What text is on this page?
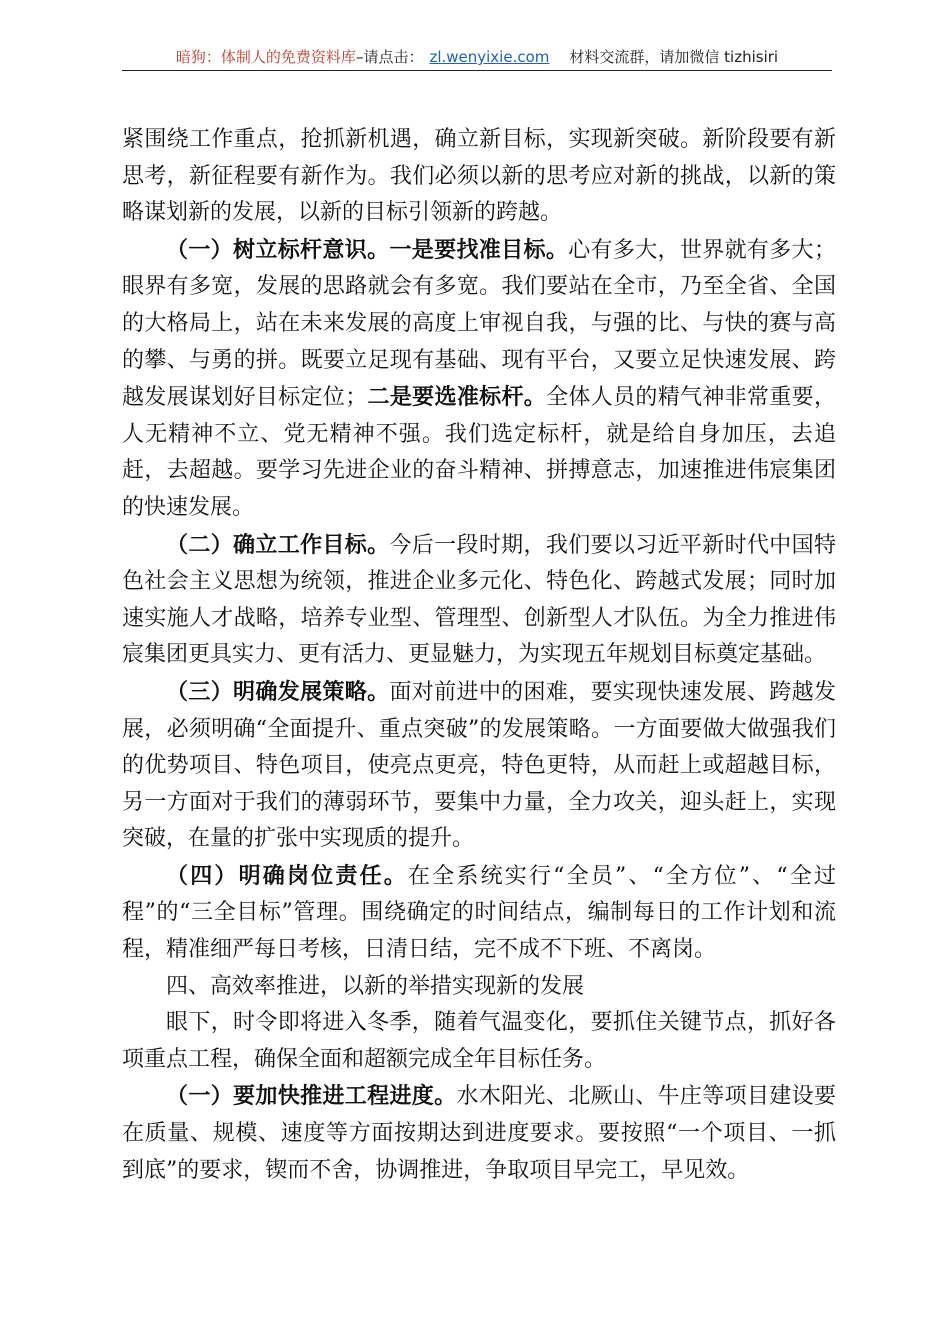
暗狗：体制人的免费资料库–请点击： zl.wenyixie.com 材料交流群，请加微信 tizhisiri

紧围绕工作重点，抢抓新机遇，确立新目标，实现新突破。新阶段要有新思考，新征程要有新作为。我们必须以新的思考应对新的挑战，以新的策略谋划新的发展，以新的目标引领新的跨越。

（一）树立标杆意识。一是要找准目标。心有多大，世界就有多大；眼界有多宽，发展的思路就会有多宽。我们要站在全市，乃至全省、全国的大格局上，站在未来发展的高度上审视自我，与强的比、与快的赛与高的攀、与勇的拼。既要立足现有基础、现有平台，又要立足快速发展、跨越发展谋划好目标定位；二是要选准标杆。全体人员的精气神非常重要，人无精神不立、党无精神不强。我们选定标杆，就是给自身加压，去追赶，去超越。要学习先进企业的奋斗精神、拼搏意志，加速推进伟宸集团的快速发展。

（二）确立工作目标。今后一段时期，我们要以习近平新时代中国特色社会主义思想为统领，推进企业多元化、特色化、跨越式发展；同时加速实施人才战略，培养专业型、管理型、创新型人才队伍。为全力推进伟宸集团更具实力、更有活力、更显魅力，为实现五年规划目标奠定基础。

（三）明确发展策略。面对前进中的困难，要实现快速发展、跨越发展，必须明确“全面提升、重点突破”的发展策略。一方面要做大做强我们的优势项目、特色项目，使亮点更亮，特色更特，从而赶上或超越目标，另一方面对于我们的薄弱环节，要集中力量，全力攻关，迎头赶上，实现突破，在量的扩张中实现质的提升。

（四）明确岗位责任。在全系统实行“全员”、“全方位”、“全过程”的“三全目标”管理。围绕确定的时间结点，编制每日的工作计划和流程，精准细严每日考核，日清日结，完不成不下班、不离岗。

四、高效率推进，以新的举措实现新的发展

眼下，时令即将进入冬季，随着气温变化，要抓住关键节点，抓好各项重点工程，确保全面和超额完成全年目标任务。

（一）要加快推进工程进度。水木阳光、北厥山、牛庄等项目建设要在质量、规模、速度等方面按期达到进度要求。要按照“一个项目、一抓到底”的要求，锲而不舍，协调推进，争取项目早完工，早见效。
